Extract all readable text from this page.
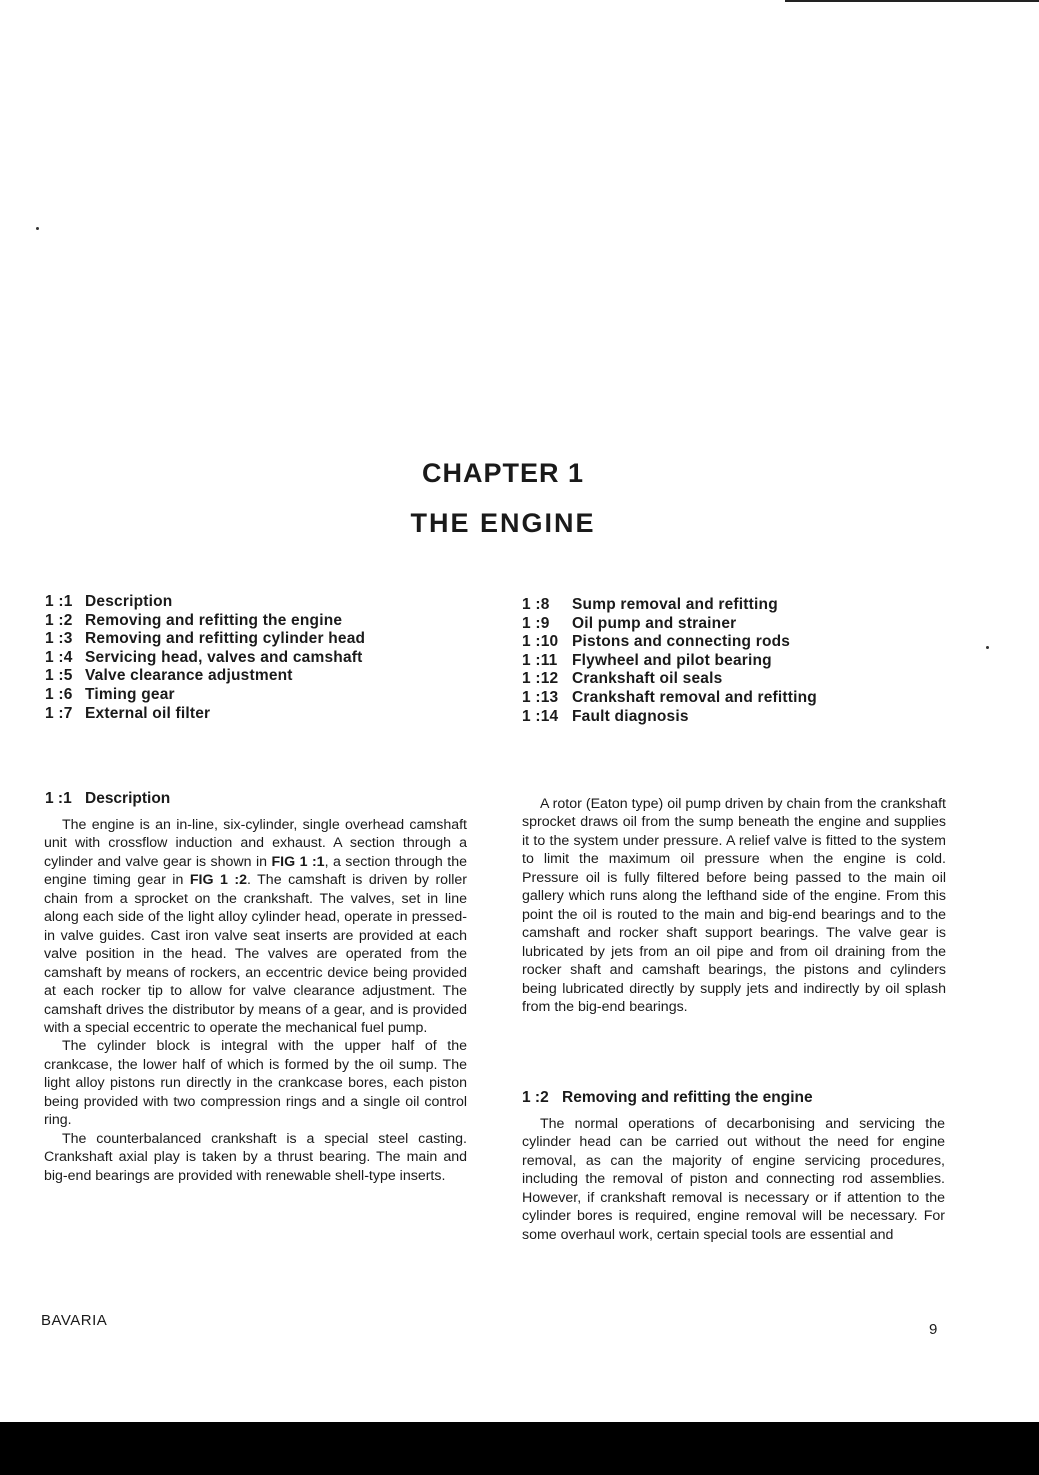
CHAPTER 1
THE ENGINE
1 :1 Description
1 :2 Removing and refitting the engine
1 :3 Removing and refitting cylinder head
1 :4 Servicing head, valves and camshaft
1 :5 Valve clearance adjustment
1 :6 Timing gear
1 :7 External oil filter
1 :8	Sump removal and refitting
1 :9	Oil pump and strainer
1 :10 Pistons and connecting rods
1 :11 Flywheel and pilot bearing
1 :12 Crankshaft oil seals
1 :13 Crankshaft removal and refitting
1 :14 Fault diagnosis
1 :1 Description

The engine is an in-line, six-cylinder, single overhead camshaft unit with crossflow induction and exhaust. A section through a cylinder and valve gear is shown in FIG 1 :1, a section through the engine timing gear in FIG 1 :2. The camshaft is driven by roller chain from a sprocket on the crankshaft. The valves, set in line along each side of the light alloy cylinder head, operate in pressed-in valve guides. Cast iron valve seat inserts are provided at each valve position in the head. The valves are operated from the camshaft by means of rockers, an eccentric device being provided at each rocker tip to allow for valve clearance adjustment. The camshaft drives the distributor by means of a gear, and is provided with a special eccentric to operate the mechanical fuel pump.

The cylinder block is integral with the upper half of the crankcase, the lower half of which is formed by the oil sump. The light alloy pistons run directly in the crankcase bores, each piston being provided with two compression rings and a single oil control ring.

The counterbalanced crankshaft is a special steel casting. Crankshaft axial play is taken by a thrust bearing. The main and big-end bearings are provided with renewable shell-type inserts.

A rotor (Eaton type) oil pump driven by chain from the crankshaft sprocket draws oil from the sump beneath the engine and supplies it to the system under pressure. A relief valve is fitted to the system to limit the maximum oil pressure when the engine is cold. Pressure oil is fully filtered before being passed to the main oil gallery which runs along the lefthand side of the engine. From this point the oil is routed to the main and big-end bearings and to the camshaft and rocker shaft support bearings. The valve gear is lubricated by jets from an oil pipe and from oil draining from the rocker shaft and camshaft bearings, the pistons and cylinders being lubricated directly by supply jets and indirectly by oil splash from the big-end bearings.

1 :2 Removing and refitting the engine

The normal operations of decarbonising and servicing the cylinder head can be carried out without the need for engine removal, as can the majority of engine servicing procedures, including the removal of piston and connecting rod assemblies. However, if crankshaft removal is necessary or if attention to the cylinder bores is required, engine removal will be necessary. For some overhaul work, certain special tools are essential and

BAVARIA
9
